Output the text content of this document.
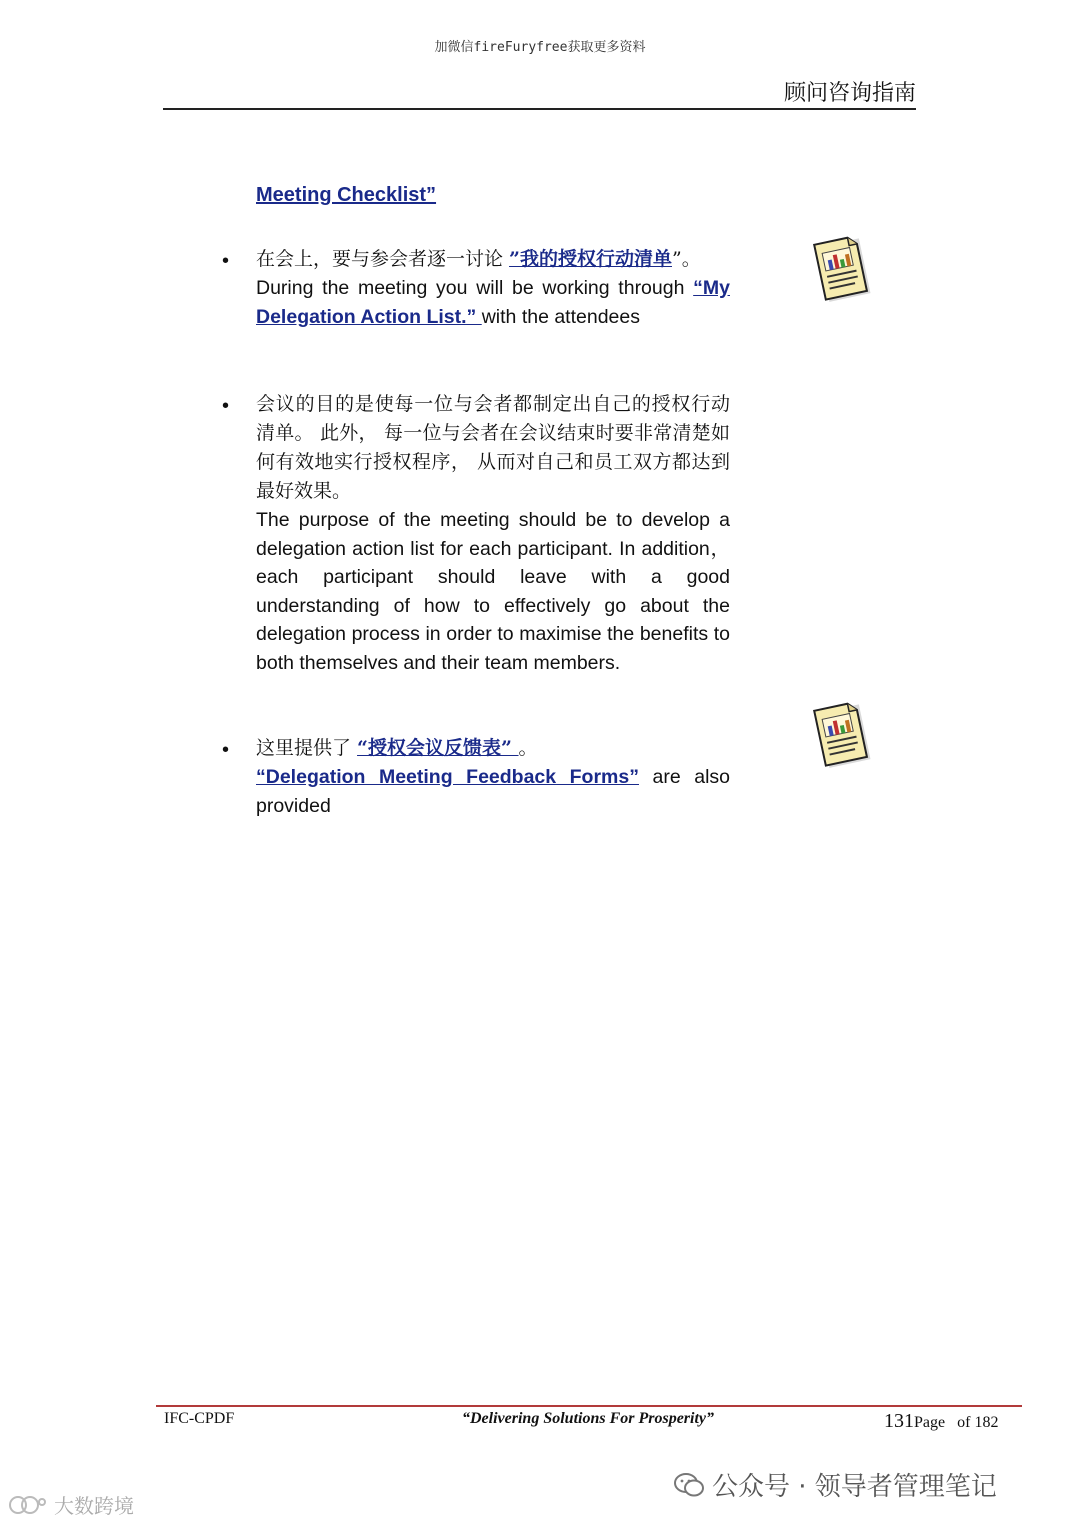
加微信fireFuryfree获取更多资料
顾问咨询指南
Meeting Checklist”
• 在会上，要与参会者逐一讨论 ”我的授权行动清单”。
During the meeting you will be working through “My Delegation Action List.” with the attendees
• 会议的目的是使每一位与会者都制定出自己的授权行动清单。 此外， 每一位与会者在会议结束时要非常清楚如何有效地实行授权程序， 从而对自己和员工双方都达到最好效果。
The purpose of the meeting should be to develop a delegation action list for each participant. In addition， each participant should leave with a good understanding of how to effectively go about the delegation process in order to maximise the benefits to both themselves and their team members.
• 这里提供了 “授权会议反馈表” 。
“Delegation Meeting Feedback Forms” are also provided
IFC-CPDF	“Delivering Solutions For Prosperity”	131Page of 182
公众号 · 领导者管理笔记
大数跨境
